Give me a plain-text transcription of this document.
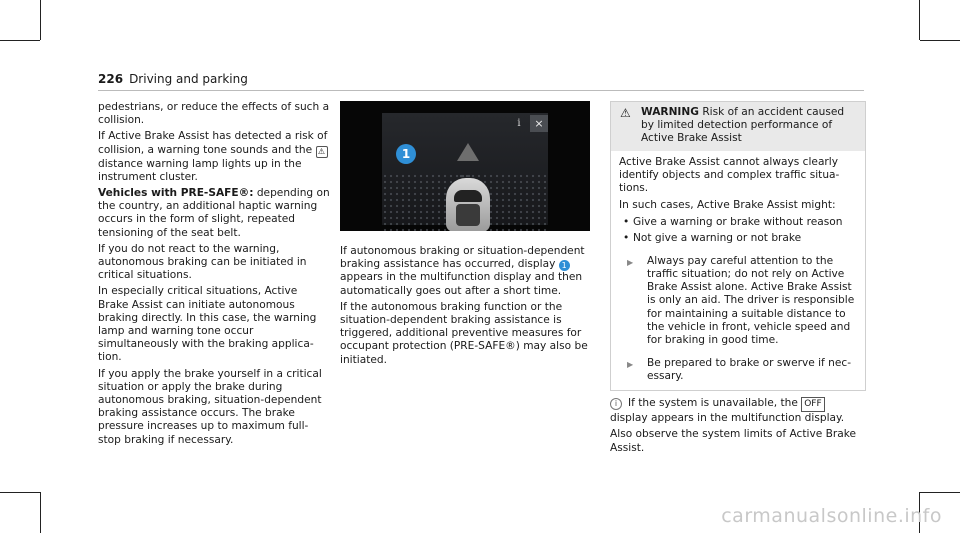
226 Driving and parking

pedestrians, or reduce the effects of such a collision.

If Active Brake Assist has detected a risk of collision, a warning tone sounds and the ⚠ distance warning lamp lights up in the instrument cluster.

Vehicles with PRE-SAFE®: depending on the country, an additional haptic warning occurs in the form of slight, repeated tensioning of the seat belt.

If you do not react to the warning, autonomous braking can be initiated in critical situations.

In especially critical situations, Active Brake Assist can initiate autonomous braking directly. In this case, the warning lamp and warning tone occur simultaneously with the braking application.

If you apply the brake yourself in a critical situation or apply the brake during autonomous braking, situation-dependent braking assistance occurs. The brake pressure increases up to maximum full-stop braking if necessary.

i	×
1

If autonomous braking or situation-dependent braking assistance has occurred, display 1 appears in the multifunction display and then automatically goes out after a short time.

If the autonomous braking function or the situation-dependent braking assistance is triggered, additional preventive measures for occupant protection (PRE-SAFE®) may also be initiated.

⚠ WARNING Risk of an accident caused by limited detection performance of Active Brake Assist

Active Brake Assist cannot always clearly identify objects and complex traffic situations.

In such cases, Active Brake Assist might:

• Give a warning or brake without reason
• Not give a warning or not brake
▶ Always pay careful attention to the traffic situation; do not rely on Active Brake Assist alone. Active Brake Assist is only an aid. The driver is responsible for maintaining a suitable distance to the vehicle in front, vehicle speed and for braking in good time.
▶ Be prepared to brake or swerve if necessary.

i If the system is unavailable, the OFF display appears in the multifunction display.

Also observe the system limits of Active Brake Assist.

carmanualsonline.info
